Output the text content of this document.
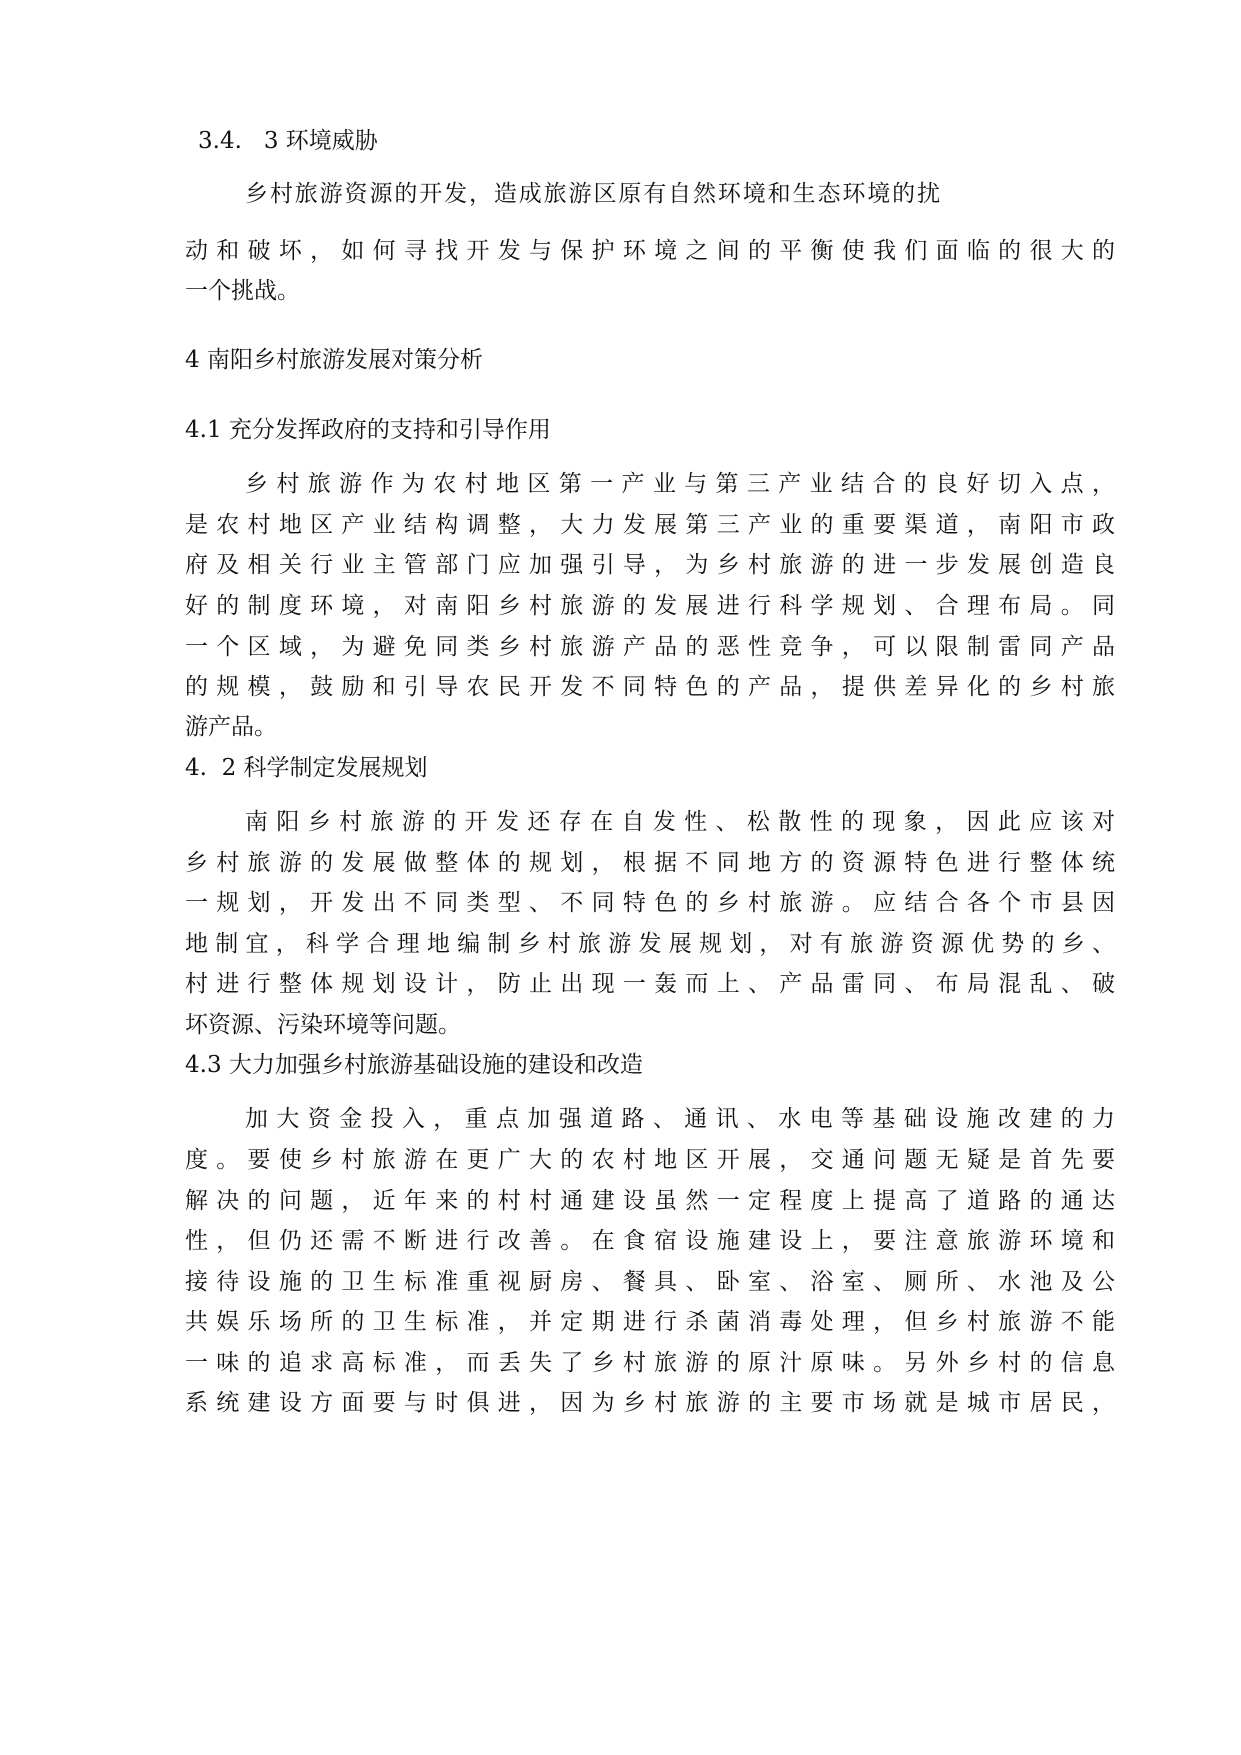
3.4.   3 环境威胁
乡村旅游资源的开发，造成旅游区原有自然环境和生态环境的扰
动和破坏，如何寻找开发与保护环境之间的平衡使我们面临的很大的
一个挑战。
4 南阳乡村旅游发展对策分析
4.1 充分发挥政府的支持和引导作用
乡村旅游作为农村地区第一产业与第三产业结合的良好切入点，
是农村地区产业结构调整，大力发展第三产业的重要渠道，南阳市政
府及相关行业主管部门应加强引导，为乡村旅游的进一步发展创造良
好的制度环境，对南阳乡村旅游的发展进行科学规划、合理布局。同
一个区域，为避免同类乡村旅游产品的恶性竞争，可以限制雷同产品
的规模，鼓励和引导农民开发不同特色的产品，提供差异化的乡村旅
游产品。
4.  2 科学制定发展规划
南阳乡村旅游的开发还存在自发性、松散性的现象，因此应该对
乡村旅游的发展做整体的规划，根据不同地方的资源特色进行整体统
一规划，开发出不同类型、不同特色的乡村旅游。应结合各个市县因
地制宜，科学合理地编制乡村旅游发展规划，对有旅游资源优势的乡、
村进行整体规划设计，防止出现一轰而上、产品雷同、布局混乱、破
坏资源、污染环境等问题。
4.3 大力加强乡村旅游基础设施的建设和改造
加大资金投入，重点加强道路、通讯、水电等基础设施改建的力
度。要使乡村旅游在更广大的农村地区开展，交通问题无疑是首先要
解决的问题，近年来的村村通建设虽然一定程度上提高了道路的通达
性，但仍还需不断进行改善。在食宿设施建设上，要注意旅游环境和
接待设施的卫生标准重视厨房、餐具、卧室、浴室、厕所、水池及公
共娱乐场所的卫生标准，并定期进行杀菌消毒处理，但乡村旅游不能
一味的追求高标准，而丢失了乡村旅游的原汁原味。另外乡村的信息
系统建设方面要与时俱进，因为乡村旅游的主要市场就是城市居民，
